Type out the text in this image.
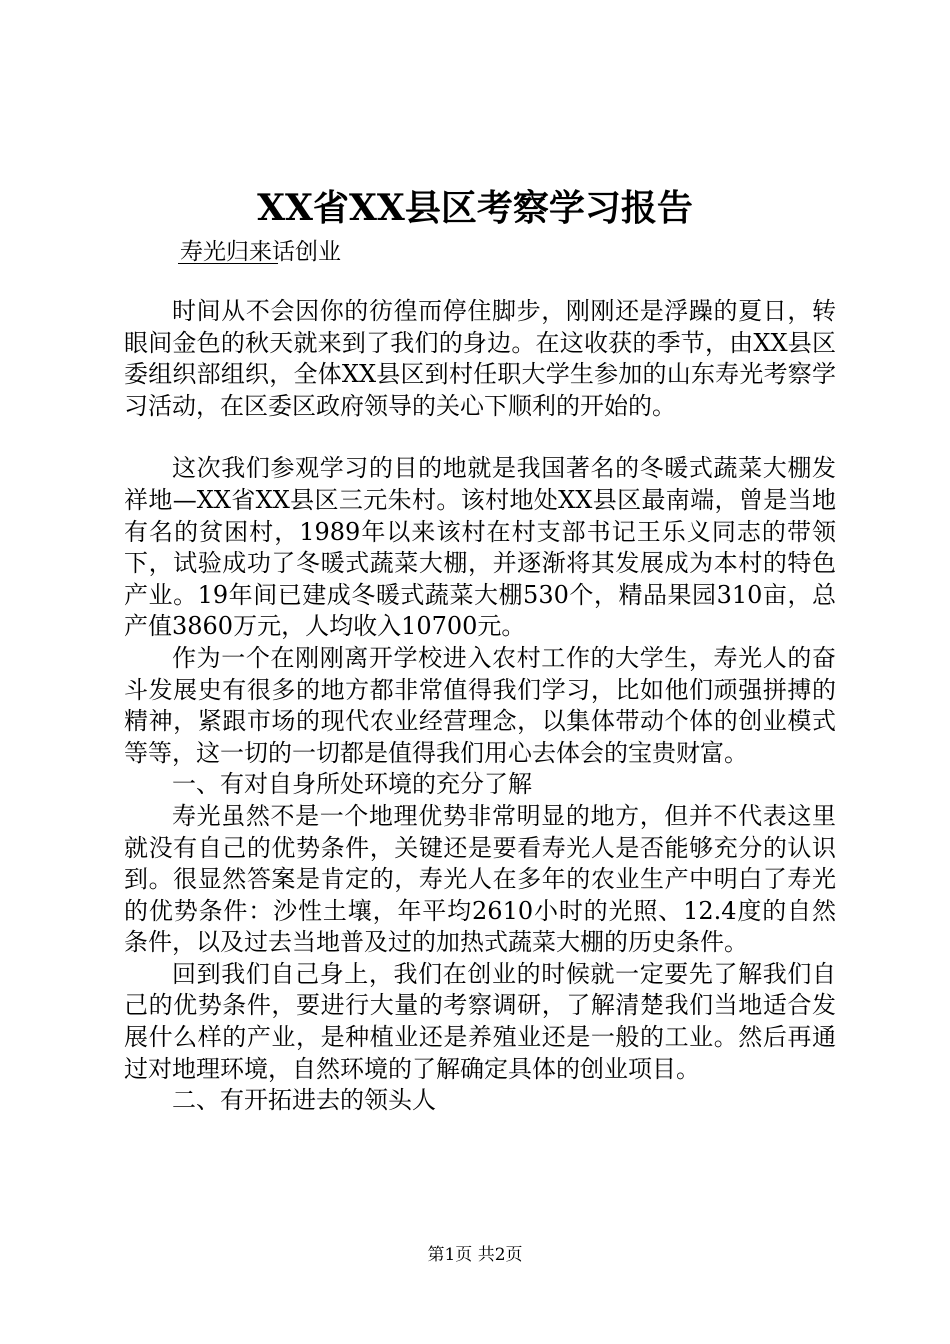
XX省XX县区考察学习报告
寿光归来话创业

时间从不会因你的彷徨而停住脚步，刚刚还是浮躁的夏日，转眼间金色的秋天就来到了我们的身边。在这收获的季节，由XX县区委组织部组织，全体XX县区到村任职大学生参加的山东寿光考察学习活动，在区委区政府领导的关心下顺利的开始的。

这次我们参观学习的目的地就是我国著名的冬暖式蔬菜大棚发祥地—XX省XX县区三元朱村。该村地处XX县区最南端，曾是当地有名的贫困村，1989年以来该村在村支部书记王乐义同志的带领下，试验成功了冬暖式蔬菜大棚，并逐渐将其发展成为本村的特色产业。19年间已建成冬暖式蔬菜大棚530个，精品果园310亩，总产值3860万元，人均收入10700元。

作为一个在刚刚离开学校进入农村工作的大学生，寿光人的奋斗发展史有很多的地方都非常值得我们学习，比如他们顽强拼搏的精神，紧跟市场的现代农业经营理念，以集体带动个体的创业模式等等，这一切的一切都是值得我们用心去体会的宝贵财富。

一、有对自身所处环境的充分了解

寿光虽然不是一个地理优势非常明显的地方，但并不代表这里就没有自己的优势条件，关键还是要看寿光人是否能够充分的认识到。很显然答案是肯定的，寿光人在多年的农业生产中明白了寿光的优势条件：沙性土壤，年平均2610小时的光照、12.4度的自然条件，以及过去当地普及过的加热式蔬菜大棚的历史条件。

回到我们自己身上，我们在创业的时候就一定要先了解我们自己的优势条件，要进行大量的考察调研，了解清楚我们当地适合发展什么样的产业，是种植业还是养殖业还是一般的工业。然后再通过对地理环境，自然环境的了解确定具体的创业项目。

二、有开拓进去的领头人

第1页 共2页
